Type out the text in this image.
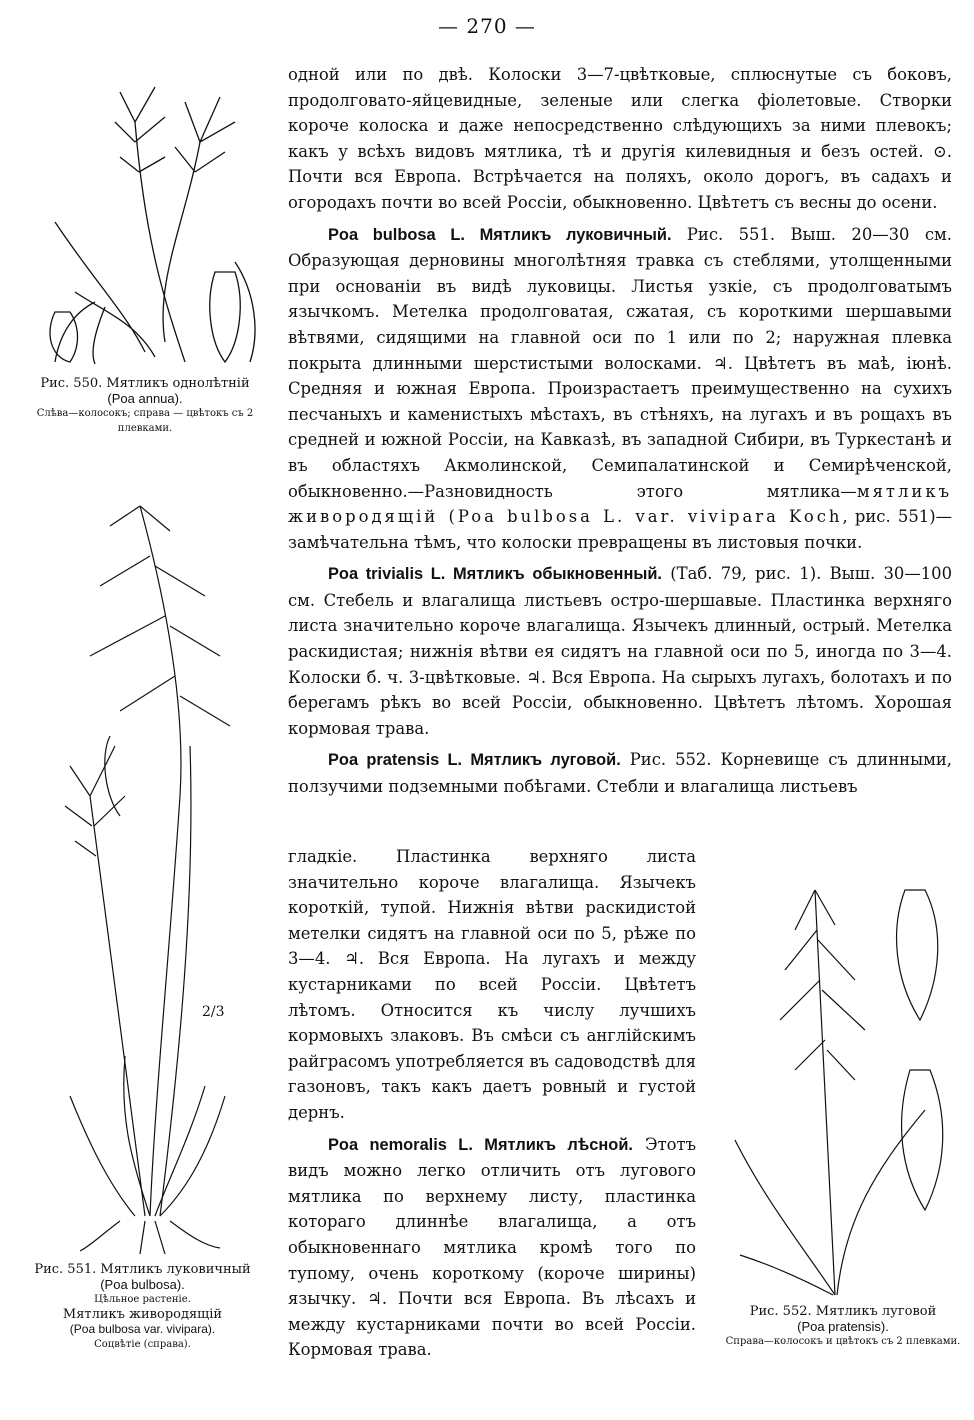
— 270 —
Рис. 550. Мятликъ однолѣтній
(Poa annua).
Слѣва—колосокъ; справа — цвѣтокъ съ 2 плевками.
2/3
Рис. 551. Мятликъ луковичный
(Poa bulbosa).
Цѣльное растеніе.
Мятликъ живородящій
(Poa bulbosa var. vivipara).
Соцвѣтіе (справа).
Рис. 552. Мятликъ луговой
(Poa pratensis).
Справа—колосокъ и цвѣтокъ съ 2 плевками.

одной или по двѣ. Колоски 3—7-цвѣтковые, сплюснутые съ боковъ, продолговато-яйцевидные, зеленые или слегка фіолетовые. Створки короче колоска и даже непосредственно слѣдующихъ за ними плевокъ; какъ у всѣхъ видовъ мятлика, тѣ и другія килевидныя и безъ остей. ⊙. Почти вся Европа. Встрѣчается на поляхъ, около дорогъ, въ садахъ и огородахъ почти во всей Россіи, обыкновенно. Цвѣтетъ съ весны до осени.

Poa bulbosa L. Мятликъ луковичный. Рис. 551. Выш. 20—30 см. Образующая дерновины многолѣтняя травка съ стеблями, утолщенными при основаніи въ видѣ луковицы. Листья узкіе, съ продолговатымъ язычкомъ. Метелка продолговатая, сжатая, съ короткими шершавыми вѣтвями, сидящими на главной оси по 1 или по 2; наружная плевка покрыта длинными шерстистыми волосками. ♃. Цвѣтетъ въ маѣ, іюнѣ. Средняя и южная Европа. Произрастаетъ преимущественно на сухихъ песчаныхъ и каменистыхъ мѣстахъ, въ стѣняхъ, на лугахъ и въ рощахъ въ средней и южной Россіи, на Кавказѣ, въ западной Сибири, въ Туркестанѣ и въ областяхъ Акмолинской, Семипалатинской и Семирѣченской, обыкновенно.—Разновидность этого мятлика—мятликъ живородящій (Poa bulbosa L. var. vivipara Koch, рис. 551)—замѣчательна тѣмъ, что колоски превращены въ листовыя почки.

Poa trivialis L. Мятликъ обыкновенный. (Таб. 79, рис. 1). Выш. 30—100 см. Стебель и влагалища листьевъ остро-шершавые. Пластинка верхняго листа значительно короче влагалища. Язычекъ длинный, острый. Метелка раскидистая; нижнія вѣтви ея сидятъ на главной оси по 5, иногда по 3—4. Колоски б. ч. 3-цвѣтковые. ♃. Вся Европа. На сырыхъ лугахъ, болотахъ и по берегамъ рѣкъ во всей Россіи, обыкновенно. Цвѣтетъ лѣтомъ. Хорошая кормовая трава.

Poa pratensis L. Мятликъ луговой. Рис. 552. Корневище съ длинными, ползучими подземными побѣгами. Стебли и влагалища листьевъ

гладкіе. Пластинка верхняго листа значительно короче влагалища. Язычекъ короткій, тупой. Нижнія вѣтви раскидистой метелки сидятъ на главной оси по 5, рѣже по 3—4. ♃. Вся Европа. На лугахъ и между кустарниками по всей Россіи. Цвѣтетъ лѣтомъ. Относится къ числу лучшихъ кормовыхъ злаковъ. Въ смѣси съ англійскимъ райграсомъ употребляется въ садоводствѣ для газоновъ, такъ какъ даетъ ровный и густой дернъ.

Poa nemoralis L. Мятликъ лѣсной. Этотъ видъ можно легко отличить отъ лугового мятлика по верхнему листу, пластинка котораго длиннѣе влагалища, а отъ обыкновеннаго мятлика кромѣ того по тупому, очень короткому (короче ширины) язычку. ♃. Почти вся Европа. Въ лѣсахъ и между кустарниками почти во всей Россіи. Кормовая трава.
